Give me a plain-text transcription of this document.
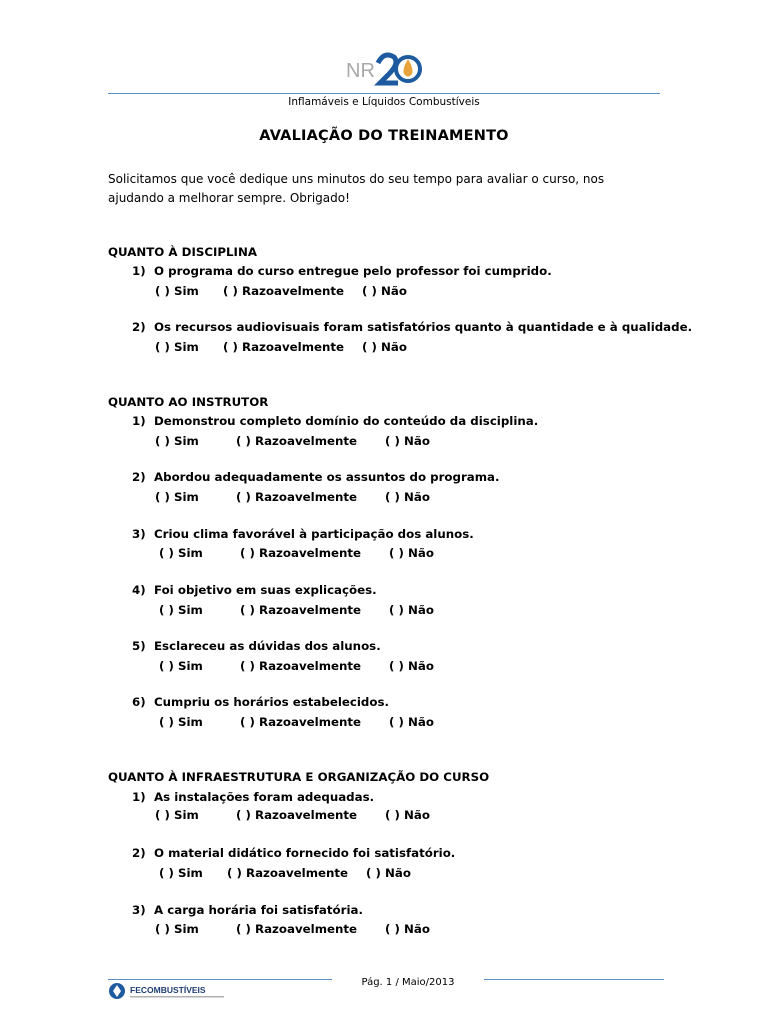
NR
Inflamáveis e Líquidos Combustíveis
AVALIAÇÃO DO TREINAMENTO
Solicitamos que você dedique uns minutos do seu tempo para avaliar o curso, nos ajudando a melhorar sempre. Obrigado!
QUANTO À DISCIPLINA
1) O programa do curso entregue pelo professor foi cumprido.
( ) Sim ( ) Razoavelmente ( ) Não
2) Os recursos audiovisuais foram satisfatórios quanto à quantidade e à qualidade.
( ) Sim ( ) Razoavelmente ( ) Não
QUANTO AO INSTRUTOR
1) Demonstrou completo domínio do conteúdo da disciplina.
( ) Sim	( ) Razoavelmente ( ) Não
2) Abordou adequadamente os assuntos do programa.
( ) Sim	( ) Razoavelmente ( ) Não
3) Criou clima favorável à participação dos alunos.
( ) Sim	( ) Razoavelmente ( ) Não
4) Foi objetivo em suas explicações.
( ) Sim	( ) Razoavelmente ( ) Não
5) Esclareceu as dúvidas dos alunos.
( ) Sim	( ) Razoavelmente ( ) Não
6) Cumpriu os horários estabelecidos.
( ) Sim	( ) Razoavelmente ( ) Não
QUANTO À INFRAESTRUTURA E ORGANIZAÇÃO DO CURSO
1) As instalações foram adequadas.
( ) Sim	( ) Razoavelmente ( ) Não
2) O material didático fornecido foi satisfatório.
( ) Sim ( ) Razoavelmente ( ) Não
3) A carga horária foi satisfatória.
( ) Sim	( ) Razoavelmente ( ) Não
FECOMBUSTÍVEIS
Pág. 1 / Maio/2013
